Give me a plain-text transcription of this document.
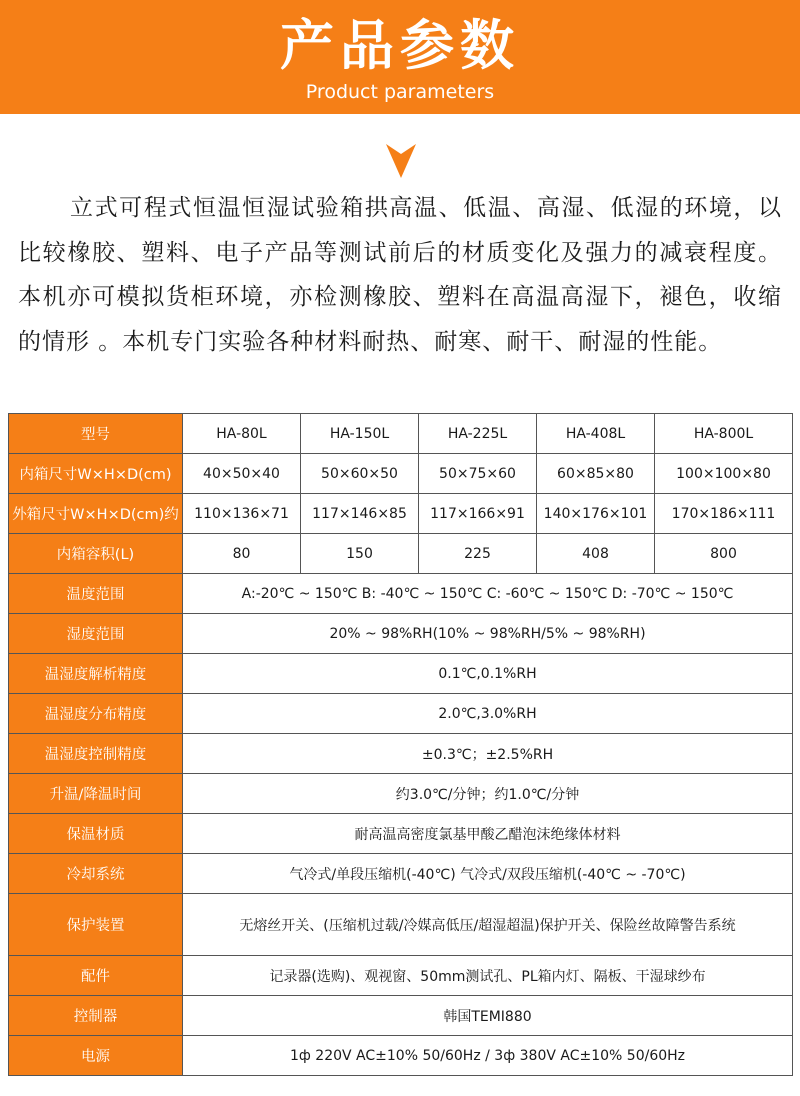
产品参数
Product parameters

立式可程式恒温恒湿试验箱拱高温、低温、高湿、低湿的环境，以比较橡胶、塑料、电子产品等测试前后的材质变化及强力的减衰程度。本机亦可模拟货柜环境，亦检测橡胶、塑料在高温高湿下，褪色，收缩的情形 。本机专门实验各种材料耐热、耐寒、耐干、耐湿的性能。

型号	HA-80L	HA-150L	HA-225L	HA-408L	HA-800L
内箱尺寸W×H×D(cm)	40×50×40	50×60×50	50×75×60	60×85×80	100×100×80
外箱尺寸W×H×D(cm)约	110×136×71	117×146×85	117×166×91	140×176×101	170×186×111
内箱容积(L)	80	150	225	408	800
温度范围	A:-20℃ ~ 150℃ B: -40℃ ~ 150℃ C: -60℃ ~ 150℃ D: -70℃ ~ 150℃				
湿度范围	20% ~ 98%RH(10% ~ 98%RH/5% ~ 98%RH)				
温湿度解析精度	0.1℃,0.1%RH				
温湿度分布精度	2.0℃,3.0%RH				
温湿度控制精度	±0.3℃；±2.5%RH				
升温/降温时间	约3.0℃/分钟；约1.0℃/分钟				
保温材质	耐高温高密度氯基甲酸乙醋泡沫绝缘体材料				
冷却系统	气冷式/单段压缩机(-40℃) 气冷式/双段压缩机(-40℃ ~ -70℃)				
保护装置	无熔丝开关、(压缩机过载/冷媒高低压/超湿超温)保护开关、保险丝故障警告系统				
配件	记录器(选购)、观视窗、50mm测试孔、PL箱内灯、隔板、干湿球纱布				
控制器	韩国TEMI880				
电源	1ф 220V AC±10% 50/60Hz / 3ф 380V AC±10% 50/60Hz				
